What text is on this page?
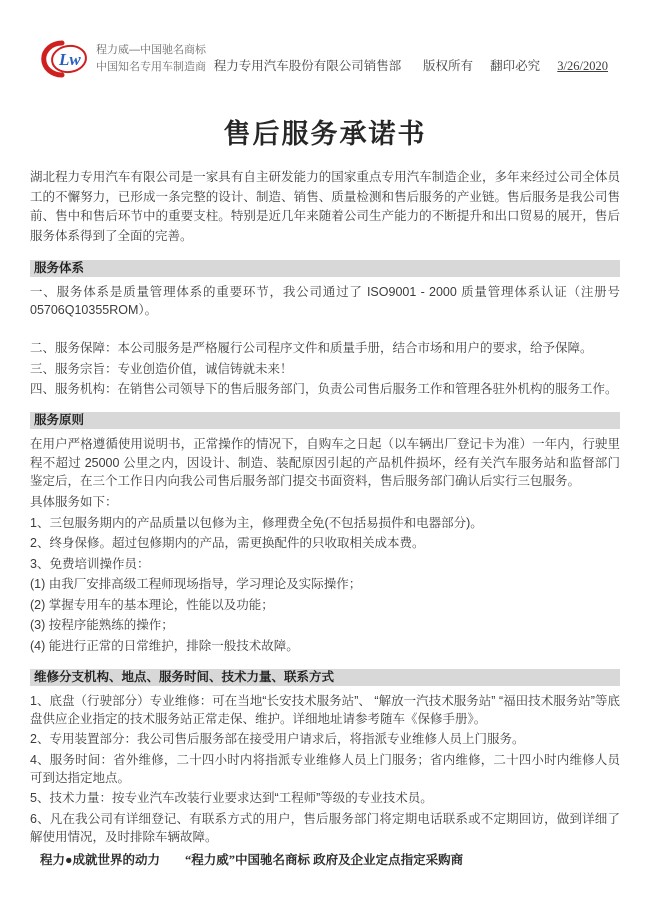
Lw 程力威—中国驰名商标
中国知名专用车制造商 程力专用汽车股份有限公司销售部	版权所有 翻印必究 3/26/2020
售后服务承诺书

湖北程力专用汽车有限公司是一家具有自主研发能力的国家重点专用汽车制造企业，多年来经过公司全体员工的不懈努力，已形成一条完整的设计、制造、销售、质量检测和售后服务的产业链。售后服务是我公司售前、售中和售后环节中的重要支柱。特别是近几年来随着公司生产能力的不断提升和出口贸易的展开，售后服务体系得到了全面的完善。

服务体系

一、服务体系是质量管理体系的重要环节，我公司通过了 ISO9001 - 2000 质量管理体系认证（注册号 05706Q10355ROM）。

二、服务保障：本公司服务是严格履行公司程序文件和质量手册，结合市场和用户的要求，给予保障。

三、服务宗旨：专业创造价值，诚信铸就未来！

四、服务机构：在销售公司领导下的售后服务部门，负责公司售后服务工作和管理各驻外机构的服务工作。

服务原则

在用户严格遵循使用说明书，正常操作的情况下，自购车之日起（以车辆出厂登记卡为准）一年内，行驶里程不超过 25000 公里之内，因设计、制造、装配原因引起的产品机件损坏，经有关汽车服务站和监督部门鉴定后，在三个工作日内向我公司售后服务部门提交书面资料，售后服务部门确认后实行三包服务。

具体服务如下：

1、三包服务期内的产品质量以包修为主，修理费全免(不包括易损件和电器部分)。

2、终身保修。超过包修期内的产品，需更换配件的只收取相关成本费。

3、免费培训操作员：

(1) 由我厂安排高级工程师现场指导，学习理论及实际操作；

(2) 掌握专用车的基本理论，性能以及功能；

(3) 按程序能熟练的操作；

(4) 能进行正常的日常维护，排除一般技术故障。

维修分支机构、地点、服务时间、技术力量、联系方式

1、底盘（行驶部分）专业维修：可在当地“长安技术服务站”、 “解放一汽技术服务站” “福田技术服务站”等底盘供应企业指定的技术服务站正常走保、维护。详细地址请参考随车《保修手册》。

2、专用装置部分：我公司售后服务部在接受用户请求后，将指派专业维修人员上门服务。

4、服务时间：省外维修，二十四小时内将指派专业维修人员上门服务；省内维修，二十四小时内维修人员可到达指定地点。

5、技术力量：按专业汽车改装行业要求达到“工程师”等级的专业技术员。

6、凡在我公司有详细登记、有联系方式的用户，售后服务部门将定期电话联系或不定期回访，做到详细了解使用情况，及时排除车辆故障。

程力●成就世界的动力　　“程力威”中国驰名商标 政府及企业定点指定采购商
